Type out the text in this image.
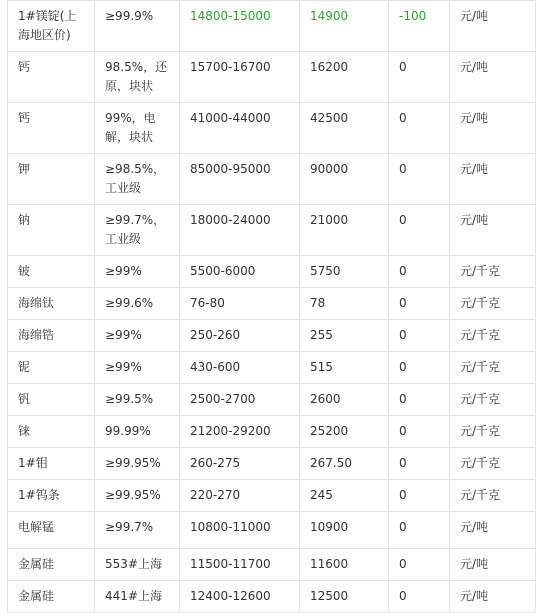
1#镁锭(上海地区价)	≥99.9%	14800-15000	14900	-100	元/吨
钙	98.5%，还原，块状	15700-16700	16200	0	元/吨
钙	99%，电解，块状	41000-44000	42500	0	元/吨
钾	≥98.5%，工业级	85000-95000	90000	0	元/吨
钠	≥99.7%，工业级	18000-24000	21000	0	元/吨
铍	≥99%	5500-6000	5750	0	元/千克
海绵钛	≥99.6%	76-80	78	0	元/千克
海绵锆	≥99%	250-260	255	0	元/千克
铌	≥99%	430-600	515	0	元/千克
钒	≥99.5%	2500-2700	2600	0	元/千克
铼	99.99%	21200-29200	25200	0	元/千克
1#钼	≥99.95%	260-275	267.50	0	元/千克
1#钨条	≥99.95%	220-270	245	0	元/千克
电解锰	≥99.7%	10800-11000	10900	0	元/吨
金属硅	553#上海	11500-11700	11600	0	元/吨
金属硅	441#上海	12400-12600	12500	0	元/吨
